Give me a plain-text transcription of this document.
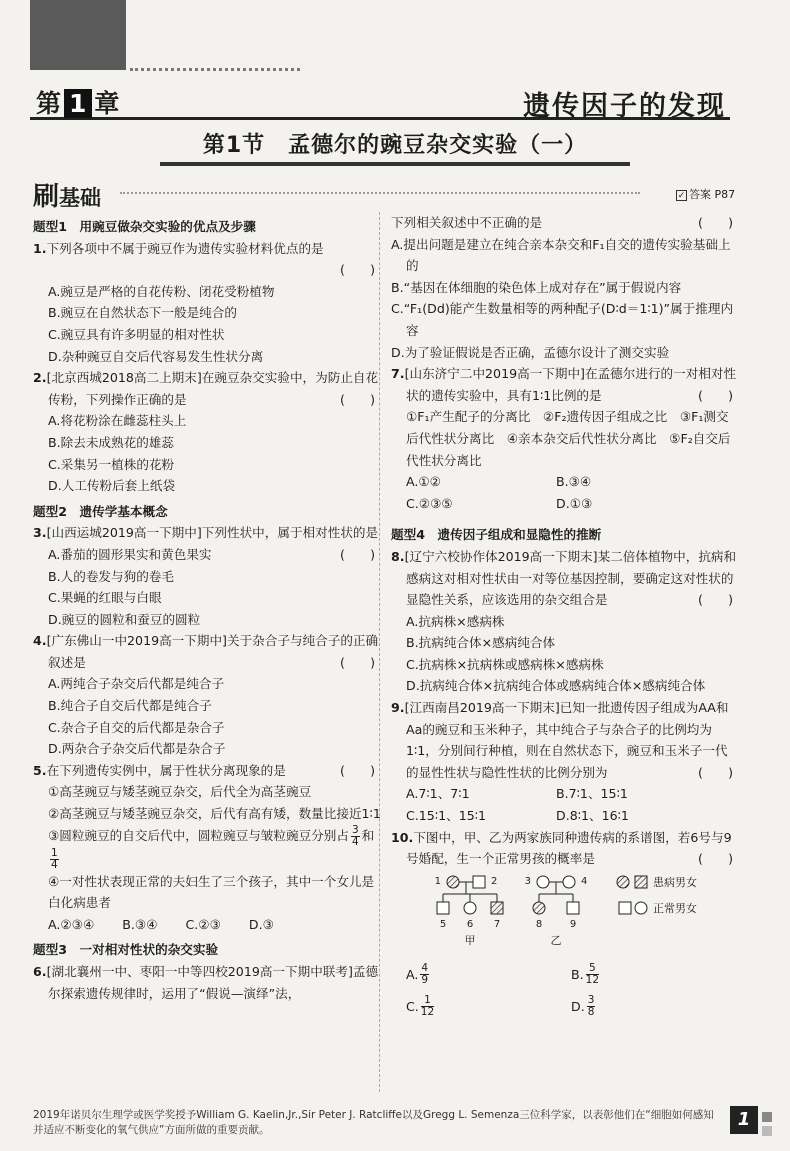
第 1 章	遗传因子的发现
第1节　孟德尔的豌豆杂交实验（一）
刷基础	✓ 答案 P87
题型1　用豌豆做杂交实验的优点及步骤
1.下列各项中不属于豌豆作为遗传实验材料优点的是
(　　)
A.豌豆是严格的自花传粉、闭花受粉植物
B.豌豆在自然状态下一般是纯合的
C.豌豆具有许多明显的相对性状
D.杂种豌豆自交后代容易发生性状分离
2.[北京西城2018高二上期末]在豌豆杂交实验中，为防止自花传粉，下列操作正确的是	(　　)
A.将花粉涂在雌蕊柱头上
B.除去未成熟花的雄蕊
C.采集另一植株的花粉
D.人工传粉后套上纸袋
题型2　遗传学基本概念
3.[山西运城2019高一下期中]下列性状中，属于相对性状的是
(　　)
A.番茄的圆形果实和黄色果实
B.人的卷发与狗的卷毛
C.果蝇的红眼与白眼
D.豌豆的圆粒和蚕豆的圆粒
4.[广东佛山一中2019高一下期中]关于杂合子与纯合子的正确叙述是	(　　)
A.两纯合子杂交后代都是纯合子
B.纯合子自交后代都是纯合子
C.杂合子自交的后代都是杂合子
D.两杂合子杂交后代都是杂合子
5.在下列遗传实例中，属于性状分离现象的是	(　　)
①高茎豌豆与矮茎豌豆杂交，后代全为高茎豌豆
②高茎豌豆与矮茎豌豆杂交，后代有高有矮，数量比接近1∶1
③圆粒豌豆的自交后代中，圆粒豌豆与皱粒豌豆分别占 $\frac{3}{4}$ 和
$\frac{1}{4}$
④一对性状表现正常的夫妇生了三个孩子，其中一个女儿是白化病患者
A.②③④ B.③④ C.②③ D.③
题型3　一对相对性状的杂交实验
6.[湖北襄州一中、枣阳一中等四校2019高一下期中联考]孟德尔探索遗传规律时，运用了“假说—演绎”法，
下列相关叙述中不正确的是	(　　)
A.提出问题是建立在纯合亲本杂交和F₁自交的遗传实验基础上的
B.“基因在体细胞的染色体上成对存在”属于假说内容
C.“F₁(Dd)能产生数量相等的两种配子(D∶d＝1∶1)”属于推理内容
D.为了验证假说是否正确，孟德尔设计了测交实验
7.[山东济宁二中2019高一下期中]在孟德尔进行的一对相对性状的遗传实验中，具有1∶1比例的是	(　　)
①F₁产生配子的分离比　②F₂遗传因子组成之比　③F₁测交后代性状分离比　④亲本杂交后代性状分离比　⑤F₂自交后代性状分离比
A.①②	B.③④
C.②③⑤	D.①③
题型4　遗传因子组成和显隐性的推断
8.[辽宁六校协作体2019高一下期末]某二倍体植物中，抗病和感病这对相对性状由一对等位基因控制，要确定这对性状的显隐性关系，应该选用的杂交组合是	(　　)
A.抗病株×感病株
B.抗病纯合体×感病纯合体
C.抗病株×抗病株或感病株×感病株
D.抗病纯合体×抗病纯合体或感病纯合体×感病纯合体
9.[江西南昌2019高一下期末]已知一批遗传因子组成为AA和Aa的豌豆和玉米种子，其中纯合子与杂合子的比例均为1∶1，分别间行种植，则在自然状态下，豌豆和玉米子一代的显性性状与隐性性状的比例分别为	(　　)
A.7∶1、7∶1	B.7∶1、15∶1
C.15∶1、15∶1	D.8∶1、16∶1
10.下图中，甲、乙为两家族同种遗传病的系谱图，若6号与9号婚配，生一个正常男孩的概率是	(　　)
1	2	3	4
5 6 7	8	9
甲	乙
患病男女
正常男女
A. $\frac{4}{9}$	B. $\frac{5}{12}$
C. $\frac{1}{12}$	D. $\frac{3}{8}$
2019年诺贝尔生理学或医学奖授予William G. Kaelin,Jr.,Sir Peter J. Ratcliffe以及Gregg L. Semenza三位科学家，以表彰他们在“细胞如何感知并适应不断变化的氧气供应”方面所做的重要贡献。	1
